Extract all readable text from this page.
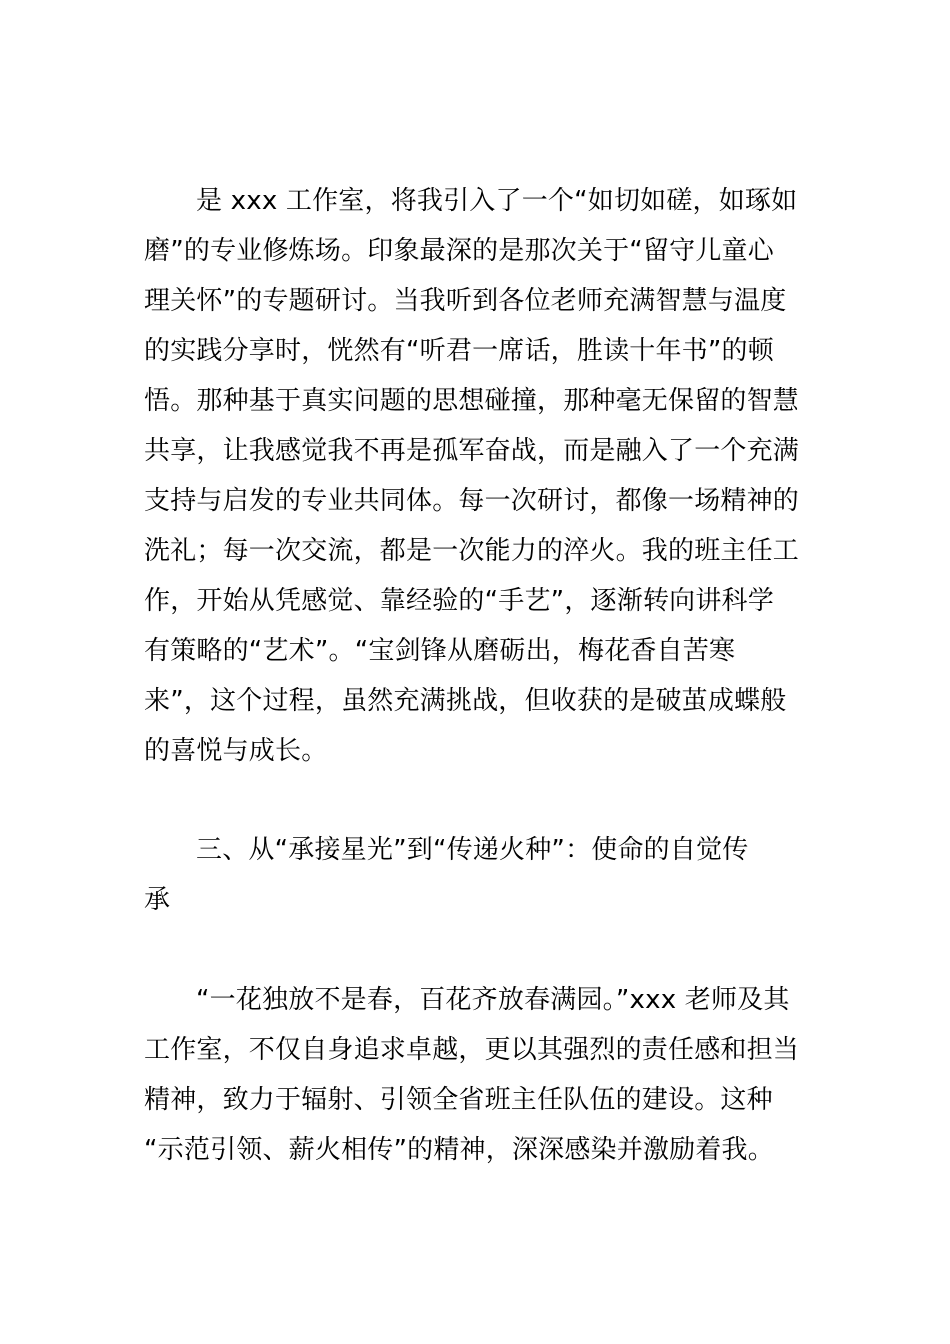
是 xxx 工作室，将我引入了一个“如切如磋，如琢如
磨”的专业修炼场。印象最深的是那次关于“留守儿童心
理关怀”的专题研讨。当我听到各位老师充满智慧与温度
的实践分享时，恍然有“听君一席话，胜读十年书”的顿
悟。那种基于真实问题的思想碰撞，那种毫无保留的智慧
共享，让我感觉我不再是孤军奋战，而是融入了一个充满
支持与启发的专业共同体。每一次研讨，都像一场精神的
洗礼；每一次交流，都是一次能力的淬火。我的班主任工
作，开始从凭感觉、靠经验的“手艺”，逐渐转向讲科学
有策略的“艺术”。“宝剑锋从磨砺出，梅花香自苦寒
来”，这个过程，虽然充满挑战，但收获的是破茧成蝶般
的喜悦与成长。
三、从“承接星光”到“传递火种”：使命的自觉传
承
“一花独放不是春，百花齐放春满园。”xxx 老师及其
工作室，不仅自身追求卓越，更以其强烈的责任感和担当
精神，致力于辐射、引领全省班主任队伍的建设。这种
“示范引领、薪火相传”的精神，深深感染并激励着我。
